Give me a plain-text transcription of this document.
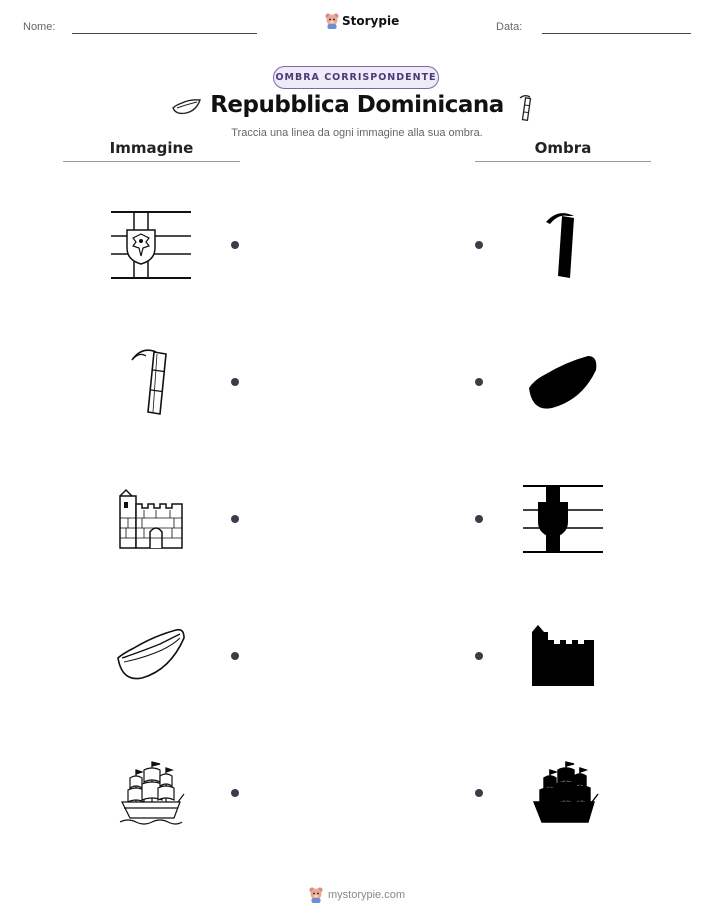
Nome:	Storypie	Data:
OMBRA CORRISPONDENTE
Repubblica Dominicana
Traccia una linea da ogni immagine alla sua ombra.
Immagine	Ombra
mystorypie.com
